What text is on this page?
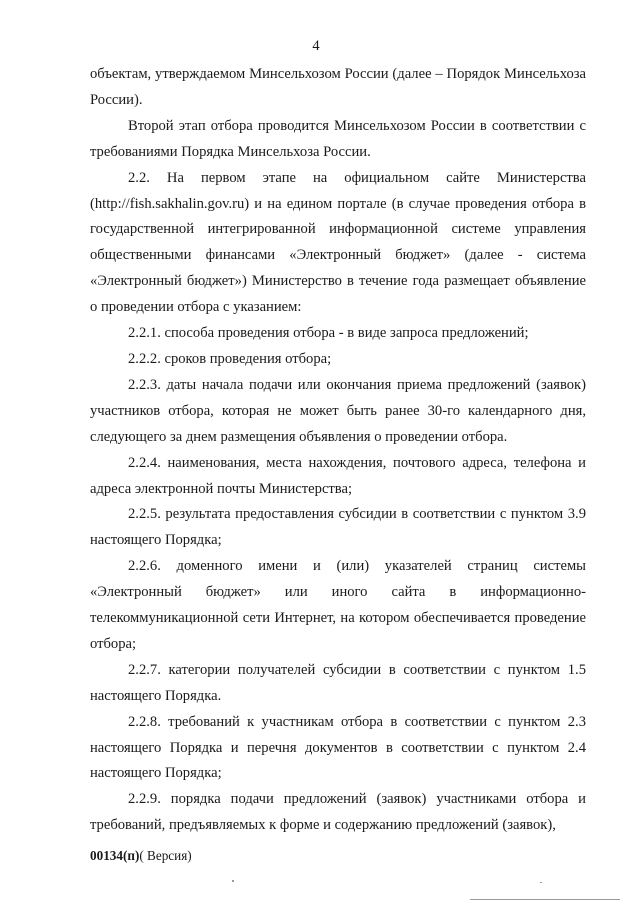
4

объектам, утверждаемом Минсельхозом России (далее – Порядок Минсельхоза России).

Второй этап отбора проводится Минсельхозом России в соответствии с требованиями Порядка Минсельхоза России.

2.2. На первом этапе на официальном сайте Министерства (http://fish.sakhalin.gov.ru) и на едином портале (в случае проведения отбора в государственной интегрированной информационной системе управления общественными финансами «Электронный бюджет» (далее - система «Электронный бюджет») Министерство в течение года размещает объявление о проведении отбора с указанием:

2.2.1. способа проведения отбора - в виде запроса предложений;

2.2.2. сроков проведения отбора;

2.2.3. даты начала подачи или окончания приема предложений (заявок) участников отбора, которая не может быть ранее 30-го календарного дня, следующего за днем размещения объявления о проведении отбора.

2.2.4. наименования, места нахождения, почтового адреса, телефона и адреса электронной почты Министерства;

2.2.5. результата предоставления субсидии в соответствии с пунктом 3.9 настоящего Порядка;

2.2.6. доменного имени и (или) указателей страниц системы «Электронный бюджет» или иного сайта в информационно-телекоммуникационной сети Интернет, на котором обеспечивается проведение отбора;

2.2.7. категории получателей субсидии в соответствии с пунктом 1.5 настоящего Порядка.

2.2.8. требований к участникам отбора в соответствии с пунктом 2.3 настоящего Порядка и перечня документов в соответствии с пунктом 2.4 настоящего Порядка;

2.2.9. порядка подачи предложений (заявок) участниками отбора и требований, предъявляемых к форме и содержанию предложений (заявок),

00134(п)( Версия)
